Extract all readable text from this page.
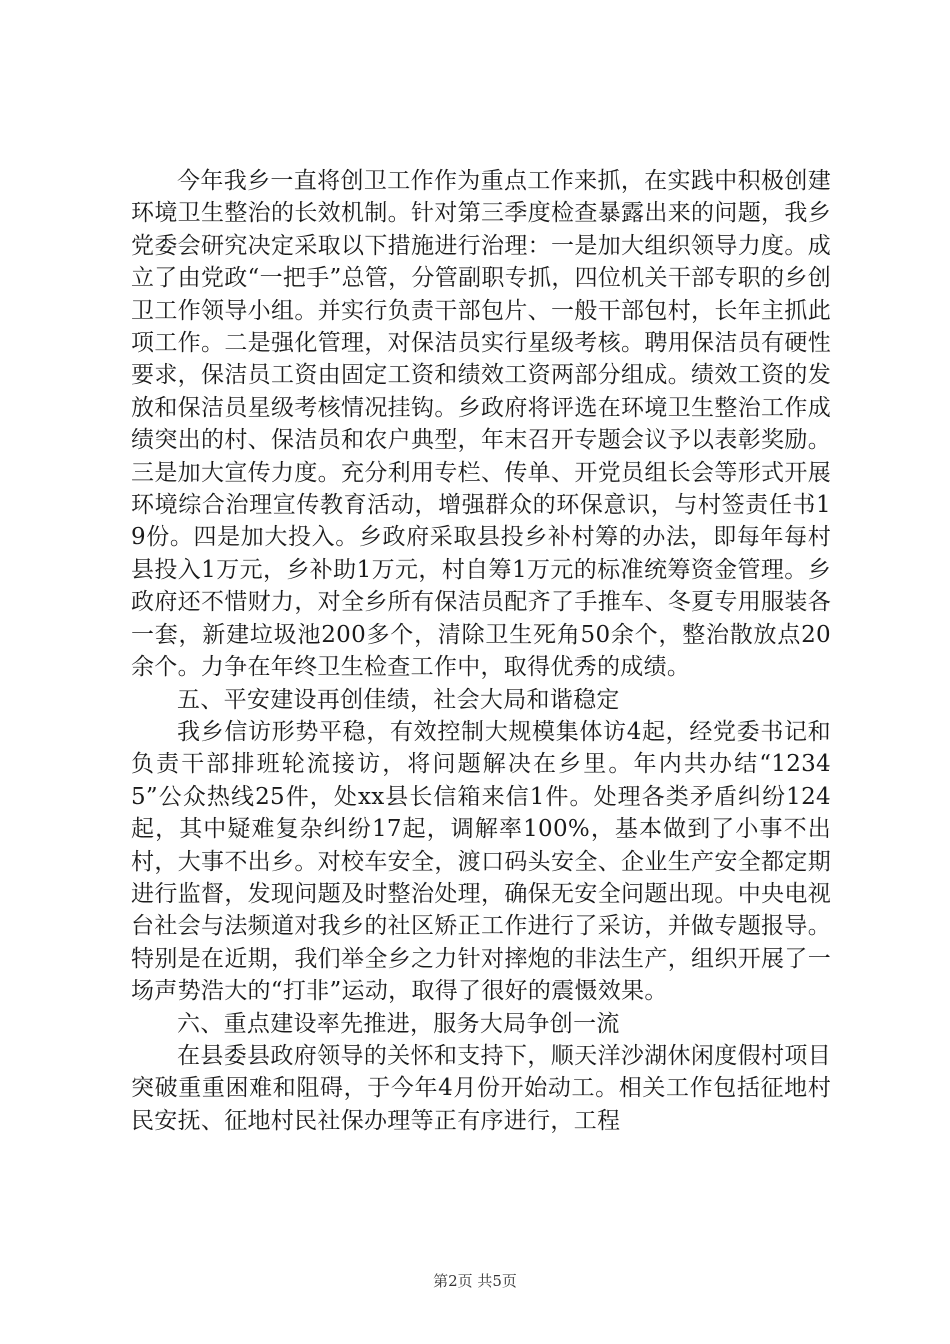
今年我乡一直将创卫工作作为重点工作来抓，在实践中积极创建环境卫生整治的长效机制。针对第三季度检查暴露出来的问题，我乡党委会研究决定采取以下措施进行治理：一是加大组织领导力度。成立了由党政“一把手”总管，分管副职专抓，四位机关干部专职的乡创卫工作领导小组。并实行负责干部包片、一般干部包村，长年主抓此项工作。二是强化管理，对保洁员实行星级考核。聘用保洁员有硬性要求，保洁员工资由固定工资和绩效工资两部分组成。绩效工资的发放和保洁员星级考核情况挂钩。乡政府将评选在环境卫生整治工作成绩突出的村、保洁员和农户典型，年末召开专题会议予以表彰奖励。三是加大宣传力度。充分利用专栏、传单、开党员组长会等形式开展环境综合治理宣传教育活动，增强群众的环保意识，与村签责任书19份。四是加大投入。乡政府采取县投乡补村筹的办法，即每年每村县投入1万元，乡补助1万元，村自筹1万元的标准统筹资金管理。乡政府还不惜财力，对全乡所有保洁员配齐了手推车、冬夏专用服装各一套，新建垃圾池200多个，清除卫生死角50余个，整治散放点20余个。力争在年终卫生检查工作中，取得优秀的成绩。

五、平安建设再创佳绩，社会大局和谐稳定

我乡信访形势平稳，有效控制大规模集体访4起，经党委书记和负责干部排班轮流接访，将问题解决在乡里。年内共办结“12345”公众热线25件，处xx县长信箱来信1件。处理各类矛盾纠纷124起，其中疑难复杂纠纷17起，调解率100%，基本做到了小事不出村，大事不出乡。对校车安全，渡口码头安全、企业生产安全都定期进行监督，发现问题及时整治处理，确保无安全问题出现。中央电视台社会与法频道对我乡的社区矫正工作进行了采访，并做专题报导。特别是在近期，我们举全乡之力针对摔炮的非法生产，组织开展了一场声势浩大的“打非”运动，取得了很好的震慑效果。

六、重点建设率先推进，服务大局争创一流

在县委县政府领导的关怀和支持下，顺天洋沙湖休闲度假村项目突破重重困难和阻碍，于今年4月份开始动工。相关工作包括征地村民安抚、征地村民社保办理等正有序进行，工程

第2页 共5页
